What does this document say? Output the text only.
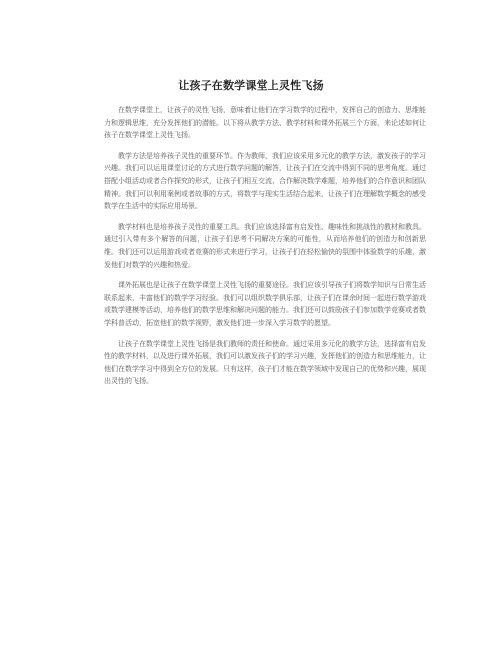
让孩子在数学课堂上灵性飞扬

在数学课堂上，让孩子的灵性飞扬，意味着让他们在学习数学的过程中，发挥自己的创造力、思维能力和逻辑思维，充分发挥他们的潜能。以下将从教学方法、教学材料和课外拓展三个方面，来论述如何让孩子在数学课堂上灵性飞扬。

教学方法是培养孩子灵性的重要环节。作为教师，我们应该采用多元化的教学方法，激发孩子的学习兴趣。我们可以运用课堂讨论的方式进行数学问题的解答，让孩子们在交流中得到不同的思考角度。通过搭配小组活动或者合作探究的形式，让孩子们相互交流、合作解决数学难题，培养他们的合作意识和团队精神。我们可以利用案例或者故事的方式，将数学与现实生活结合起来，让孩子们在理解数学概念的感受数学在生活中的实际应用场景。

教学材料也是培养孩子灵性的重要工具。我们应该选择富有启发性、趣味性和挑战性的教材和教具。通过引入带有多个解答的问题，让孩子们思考不同解决方案的可能性，从而培养他们的创造力和创新思维。我们还可以运用游戏或者竞赛的形式来进行学习，让孩子们在轻松愉快的氛围中体验数学的乐趣，激发他们对数学的兴趣和热爱。

课外拓展也是让孩子在数学课堂上灵性飞扬的重要途径。我们应该引导孩子们将数学知识与日常生活联系起来，丰富他们的数学学习经验。我们可以组织数学俱乐部，让孩子们在课余时间一起进行数学游戏或数学建模等活动，培养他们的数学思维和解决问题的能力。我们还可以鼓励孩子们参加数学竞赛或者数学科普活动，拓宽他们的数学视野，激发他们进一步深入学习数学的愿望。

让孩子在数学课堂上灵性飞扬是我们教师的责任和使命。通过采用多元化的教学方法，选择富有启发性的教学材料，以及进行课外拓展，我们可以激发孩子们的学习兴趣，发挥他们的创造力和思维能力，让他们在数学学习中得到全方位的发展。只有这样，孩子们才能在数学领域中发现自己的优势和兴趣，展现出灵性的飞扬。
